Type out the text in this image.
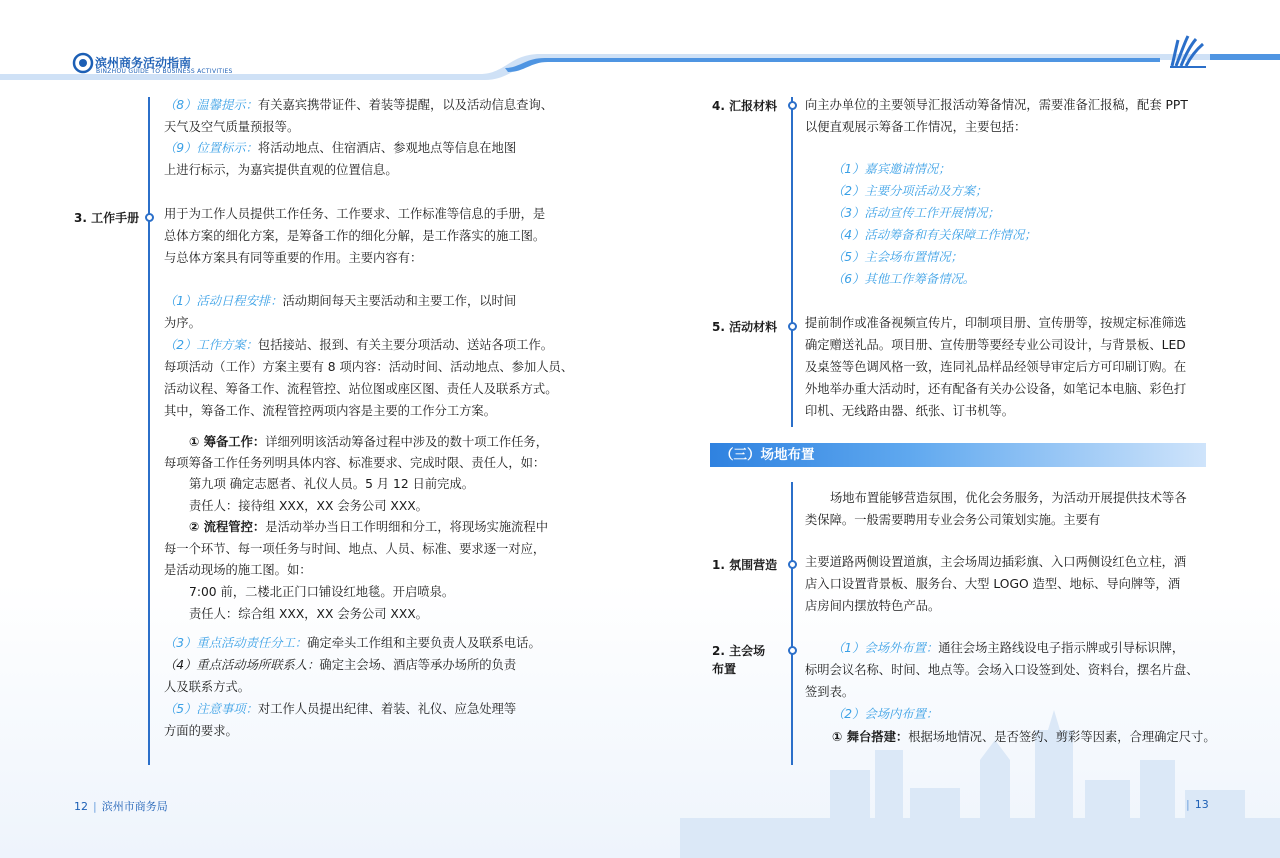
滨州商务活动指南
BINZHOU GUIDE TO BUSINESS ACTIVITIES
（8）温馨提示：有关嘉宾携带证件、着装等提醒，以及活动信息查询、
天气及空气质量预报等。
（9）位置标示：将活动地点、住宿酒店、参观地点等信息在地图
上进行标示，为嘉宾提供直观的位置信息。
3. 工作手册 用于为工作人员提供工作任务、工作要求、工作标准等信息的手册，是
总体方案的细化方案，是筹备工作的细化分解，是工作落实的施工图。
与总体方案具有同等重要的作用。主要内容有：
（1）活动日程安排：活动期间每天主要活动和主要工作，以时间
为序。
（2）工作方案：包括接站、报到、有关主要分项活动、送站各项工作。
每项活动（工作）方案主要有 8 项内容：活动时间、活动地点、参加人员、
活动议程、筹备工作、流程管控、站位图或座区图、责任人及联系方式。
其中，筹备工作、流程管控两项内容是主要的工作分工方案。
① 筹备工作：详细列明该活动筹备过程中涉及的数十项工作任务，
每项筹备工作任务列明具体内容、标准要求、完成时限、责任人，如：
第九项 确定志愿者、礼仪人员。5 月 12 日前完成。
责任人：接待组 XXX，XX 会务公司 XXX。
② 流程管控：是活动举办当日工作明细和分工，将现场实施流程中
每一个环节、每一项任务与时间、地点、人员、标准、要求逐一对应，
是活动现场的施工图。如：
7:00 前，二楼北正门口铺设红地毯。开启喷泉。
责任人：综合组 XXX，XX 会务公司 XXX。
（3）重点活动责任分工：确定牵头工作组和主要负责人及联系电话。
（4）重点活动场所联系人：确定主会场、酒店等承办场所的负责
人及联系方式。
（5）注意事项：对工作人员提出纪律、着装、礼仪、应急处理等
方面的要求。
4. 汇报材料 向主办单位的主要领导汇报活动筹备情况，需要准备汇报稿，配套 PPT
以便直观展示筹备工作情况，主要包括：
（1）嘉宾邀请情况；
（2）主要分项活动及方案；
（3）活动宣传工作开展情况；
（4）活动筹备和有关保障工作情况；
（5）主会场布置情况；
（6）其他工作筹备情况。
5. 活动材料 提前制作或准备视频宣传片，印制项目册、宣传册等，按规定标准筛选
确定赠送礼品。项目册、宣传册等要经专业公司设计，与背景板、LED
及桌签等色调风格一致，连同礼品样品经领导审定后方可印刷订购。在
外地举办重大活动时，还有配备有关办公设备，如笔记本电脑、彩色打
印机、无线路由器、纸张、订书机等。
（三）场地布置
场地布置能够营造氛围，优化会务服务，为活动开展提供技术等各
类保障。一般需要聘用专业会务公司策划实施。主要有
1. 氛围营造 主要道路两侧设置道旗，主会场周边插彩旗、入口两侧设红色立柱，酒
店入口设置背景板、服务台、大型 LOGO 造型、地标、导向牌等，酒
店房间内摆放特色产品。
2. 主会场
布置
（1）会场外布置：通往会场主路线设电子指示牌或引导标识牌，
标明会议名称、时间、地点等。会场入口设签到处、资料台，摆名片盘、
签到表。
（2）会场内布置：
① 舞台搭建：根据场地情况、是否签约、剪彩等因素，合理确定尺寸。
12 | 滨州市商务局	| 13
